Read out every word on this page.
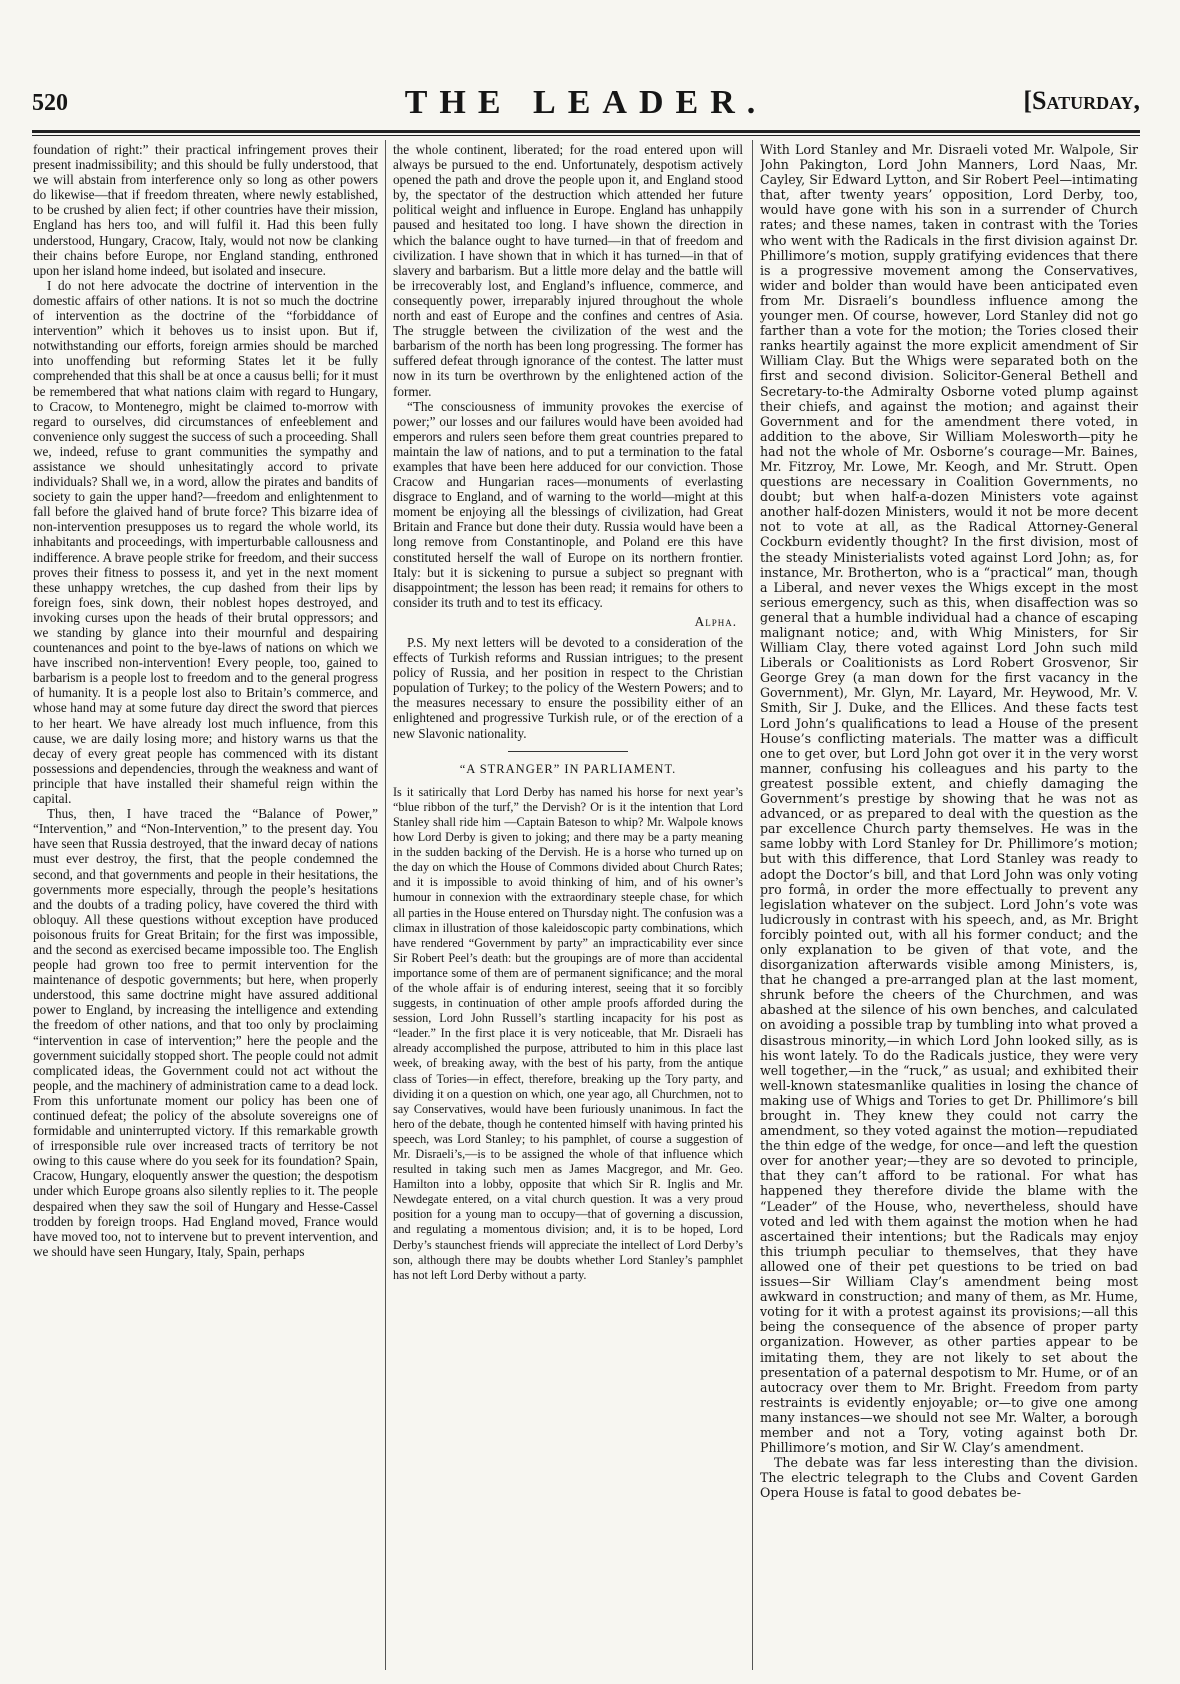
520	THE LEADER.	[Saturday,

foundation of right:” their practical infringement proves their present inadmissibility; and this should be fully understood, that we will abstain from interference only so long as other powers do likewise—that if freedom threaten, where newly established, to be crushed by alien fect; if other countries have their mission, England has hers too, and will fulfil it. Had this been fully understood, Hungary, Cracow, Italy, would not now be clanking their chains before Europe, nor England standing, enthroned upon her island home indeed, but isolated and insecure.

I do not here advocate the doctrine of intervention in the domestic affairs of other nations. It is not so much the doctrine of intervention as the doctrine of the “forbiddance of intervention” which it behoves us to insist upon. But if, notwithstanding our efforts, foreign armies should be marched into unoffending but reforming States let it be fully comprehended that this shall be at once a causus belli; for it must be remembered that what nations claim with regard to Hungary, to Cracow, to Montenegro, might be claimed to-morrow with regard to ourselves, did circumstances of enfeeblement and convenience only suggest the success of such a proceeding. Shall we, indeed, refuse to grant communities the sympathy and assistance we should unhesitatingly accord to private individuals? Shall we, in a word, allow the pirates and bandits of society to gain the upper hand?—freedom and enlightenment to fall before the glaived hand of brute force? This bizarre idea of non-intervention presupposes us to regard the whole world, its inhabitants and proceedings, with imperturbable callousness and indifference. A brave people strike for freedom, and their success proves their fitness to possess it, and yet in the next moment these unhappy wretches, the cup dashed from their lips by foreign foes, sink down, their noblest hopes destroyed, and invoking curses upon the heads of their brutal oppressors; and we standing by glance into their mournful and despairing countenances and point to the bye-laws of nations on which we have inscribed non-intervention! Every people, too, gained to barbarism is a people lost to freedom and to the general progress of humanity. It is a people lost also to Britain’s commerce, and whose hand may at some future day direct the sword that pierces to her heart. We have already lost much influence, from this cause, we are daily losing more; and history warns us that the decay of every great people has commenced with its distant possessions and dependencies, through the weakness and want of principle that have installed their shameful reign within the capital.

Thus, then, I have traced the “Balance of Power,” “Intervention,” and “Non-Intervention,” to the present day. You have seen that Russia destroyed, that the inward decay of nations must ever destroy, the first, that the people condemned the second, and that governments and people in their hesitations, the governments more especially, through the people’s hesitations and the doubts of a trading policy, have covered the third with obloquy. All these questions without exception have produced poisonous fruits for Great Britain; for the first was impossible, and the second as exercised became impossible too. The English people had grown too free to permit intervention for the maintenance of despotic governments; but here, when properly understood, this same doctrine might have assured additional power to England, by increasing the intelligence and extending the freedom of other nations, and that too only by proclaiming “intervention in case of intervention;” here the people and the government suicidally stopped short. The people could not admit complicated ideas, the Government could not act without the people, and the machinery of administration came to a dead lock. From this unfortunate moment our policy has been one of continued defeat; the policy of the absolute sovereigns one of formidable and uninterrupted victory. If this remarkable growth of irresponsible rule over increased tracts of territory be not owing to this cause where do you seek for its foundation? Spain, Cracow, Hungary, eloquently answer the question; the despotism under which Europe groans also silently replies to it. The people despaired when they saw the soil of Hungary and Hesse-Cassel trodden by foreign troops. Had England moved, France would have moved too, not to intervene but to prevent intervention, and we should have seen Hungary, Italy, Spain, perhaps

the whole continent, liberated; for the road entered upon will always be pursued to the end. Unfortunately, despotism actively opened the path and drove the people upon it, and England stood by, the spectator of the destruction which attended her future political weight and influence in Europe. England has unhappily paused and hesitated too long. I have shown the direction in which the balance ought to have turned—in that of freedom and civilization. I have shown that in which it has turned—in that of slavery and barbarism. But a little more delay and the battle will be irrecoverably lost, and England’s influence, commerce, and consequently power, irreparably injured throughout the whole north and east of Europe and the confines and centres of Asia. The struggle between the civilization of the west and the barbarism of the north has been long progressing. The former has suffered defeat through ignorance of the contest. The latter must now in its turn be overthrown by the enlightened action of the former.

“The consciousness of immunity provokes the exercise of power;” our losses and our failures would have been avoided had emperors and rulers seen before them great countries prepared to maintain the law of nations, and to put a termination to the fatal examples that have been here adduced for our conviction. Those Cracow and Hungarian races—monuments of everlasting disgrace to England, and of warning to the world—might at this moment be enjoying all the blessings of civilization, had Great Britain and France but done their duty. Russia would have been a long remove from Constantinople, and Poland ere this have constituted herself the wall of Europe on its northern frontier. Italy: but it is sickening to pursue a subject so pregnant with disappointment; the lesson has been read; it remains for others to consider its truth and to test its efficacy.

Alpha.

P.S. My next letters will be devoted to a consideration of the effects of Turkish reforms and Russian intrigues; to the present policy of Russia, and her position in respect to the Christian population of Turkey; to the policy of the Western Powers; and to the measures necessary to ensure the possibility either of an enlightened and progressive Turkish rule, or of the erection of a new Slavonic nationality.

“A STRANGER” IN PARLIAMENT.

Is it satirically that Lord Derby has named his horse for next year’s “blue ribbon of the turf,” the Dervish? Or is it the intention that Lord Stanley shall ride him —Captain Bateson to whip? Mr. Walpole knows how Lord Derby is given to joking; and there may be a party meaning in the sudden backing of the Dervish. He is a horse who turned up on the day on which the House of Commons divided about Church Rates; and it is impossible to avoid thinking of him, and of his owner’s humour in connexion with the extraordinary steeple chase, for which all parties in the House entered on Thursday night. The confusion was a climax in illustration of those kaleidoscopic party combinations, which have rendered “Government by party” an impracticability ever since Sir Robert Peel’s death: but the groupings are of more than accidental importance some of them are of permanent significance; and the moral of the whole affair is of enduring interest, seeing that it so forcibly suggests, in continuation of other ample proofs afforded during the session, Lord John Russell’s startling incapacity for his post as “leader.” In the first place it is very noticeable, that Mr. Disraeli has already accomplished the purpose, attributed to him in this place last week, of breaking away, with the best of his party, from the antique class of Tories—in effect, therefore, breaking up the Tory party, and dividing it on a question on which, one year ago, all Churchmen, not to say Conservatives, would have been furiously unanimous. In fact the hero of the debate, though he contented himself with having printed his speech, was Lord Stanley; to his pamphlet, of course a suggestion of Mr. Disraeli’s,—is to be assigned the whole of that influence which resulted in taking such men as James Macgregor, and Mr. Geo. Hamilton into a lobby, opposite that which Sir R. Inglis and Mr. Newdegate entered, on a vital church question. It was a very proud position for a young man to occupy—that of governing a discussion, and regulating a momentous division; and, it is to be hoped, Lord Derby’s staunchest friends will appreciate the intellect of Lord Derby’s son, although there may be doubts whether Lord Stanley’s pamphlet has not left Lord Derby without a party.

With Lord Stanley and Mr. Disraeli voted Mr. Walpole, Sir John Pakington, Lord John Manners, Lord Naas, Mr. Cayley, Sir Edward Lytton, and Sir Robert Peel—intimating that, after twenty years’ opposition, Lord Derby, too, would have gone with his son in a surrender of Church rates; and these names, taken in contrast with the Tories who went with the Radicals in the first division against Dr. Phillimore’s motion, supply gratifying evidences that there is a progressive movement among the Conservatives, wider and bolder than would have been anticipated even from Mr. Disraeli’s boundless influence among the younger men. Of course, however, Lord Stanley did not go farther than a vote for the motion; the Tories closed their ranks heartily against the more explicit amendment of Sir William Clay. But the Whigs were separated both on the first and second division. Solicitor-General Bethell and Secretary-to-the Admiralty Osborne voted plump against their chiefs, and against the motion; and against their Government and for the amendment there voted, in addition to the above, Sir William Molesworth—pity he had not the whole of Mr. Osborne’s courage—Mr. Baines, Mr. Fitzroy, Mr. Lowe, Mr. Keogh, and Mr. Strutt. Open questions are necessary in Coalition Governments, no doubt; but when half-a-dozen Ministers vote against another half-dozen Ministers, would it not be more decent not to vote at all, as the Radical Attorney-General Cockburn evidently thought? In the first division, most of the steady Ministerialists voted against Lord John; as, for instance, Mr. Brotherton, who is a “practical” man, though a Liberal, and never vexes the Whigs except in the most serious emergency, such as this, when disaffection was so general that a humble individual had a chance of escaping malignant notice; and, with Whig Ministers, for Sir William Clay, there voted against Lord John such mild Liberals or Coalitionists as Lord Robert Grosvenor, Sir George Grey (a man down for the first vacancy in the Government), Mr. Glyn, Mr. Layard, Mr. Heywood, Mr. V. Smith, Sir J. Duke, and the Ellices. And these facts test Lord John’s qualifications to lead a House of the present House’s conflicting materials. The matter was a difficult one to get over, but Lord John got over it in the very worst manner, confusing his colleagues and his party to the greatest possible extent, and chiefly damaging the Government’s prestige by showing that he was not as advanced, or as prepared to deal with the question as the par excellence Church party themselves. He was in the same lobby with Lord Stanley for Dr. Phillimore’s motion; but with this difference, that Lord Stanley was ready to adopt the Doctor’s bill, and that Lord John was only voting pro formâ, in order the more effectually to prevent any legislation whatever on the subject. Lord John’s vote was ludicrously in contrast with his speech, and, as Mr. Bright forcibly pointed out, with all his former conduct; and the only explanation to be given of that vote, and the disorganization afterwards visible among Ministers, is, that he changed a pre-arranged plan at the last moment, shrunk before the cheers of the Churchmen, and was abashed at the silence of his own benches, and calculated on avoiding a possible trap by tumbling into what proved a disastrous minority,—in which Lord John looked silly, as is his wont lately. To do the Radicals justice, they were very well together,—in the “ruck,” as usual; and exhibited their well-known statesmanlike qualities in losing the chance of making use of Whigs and Tories to get Dr. Phillimore’s bill brought in. They knew they could not carry the amendment, so they voted against the motion—repudiated the thin edge of the wedge, for once—and left the question over for another year;—they are so devoted to principle, that they can’t afford to be rational. For what has happened they therefore divide the blame with the “Leader” of the House, who, nevertheless, should have voted and led with them against the motion when he had ascertained their intentions; but the Radicals may enjoy this triumph peculiar to themselves, that they have allowed one of their pet questions to be tried on bad issues—Sir William Clay’s amendment being most awkward in construction; and many of them, as Mr. Hume, voting for it with a protest against its provisions;—all this being the consequence of the absence of proper party organization. However, as other parties appear to be imitating them, they are not likely to set about the presentation of a paternal despotism to Mr. Hume, or of an autocracy over them to Mr. Bright. Freedom from party restraints is evidently enjoyable; or—to give one among many instances—we should not see Mr. Walter, a borough member and not a Tory, voting against both Dr. Phillimore’s motion, and Sir W. Clay’s amendment.

The debate was far less interesting than the division. The electric telegraph to the Clubs and Covent Garden Opera House is fatal to good debates be-
